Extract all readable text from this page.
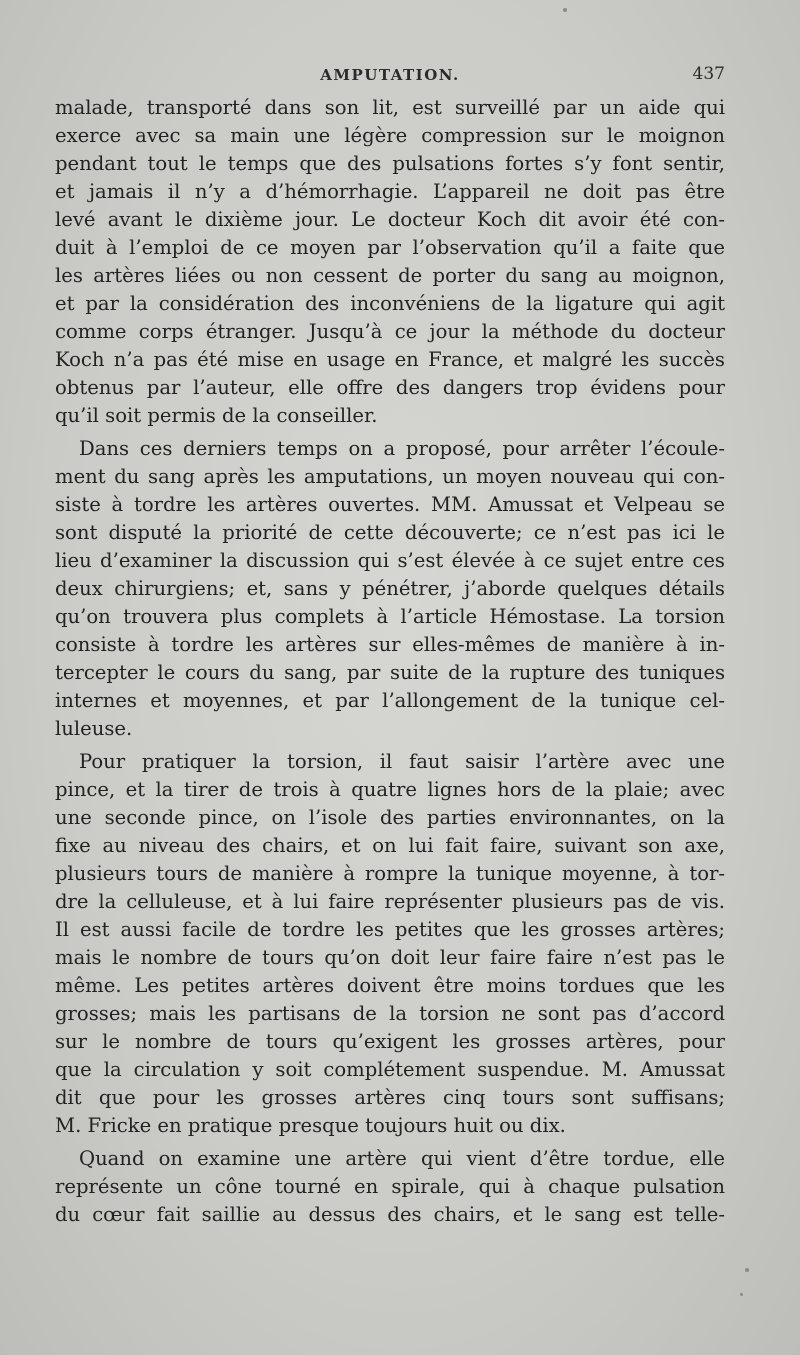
AMPUTATION.	437
malade, transporté dans son lit, est surveillé par un aide qui
exerce avec sa main une légère compression sur le moignon
pendant tout le temps que des pulsations fortes s’y font sentir,
et jamais il n’y a d’hémorrhagie. L’appareil ne doit pas être
levé avant le dixième jour. Le docteur Koch dit avoir été con-
duit à l’emploi de ce moyen par l’observation qu’il a faite que
les artères liées ou non cessent de porter du sang au moignon,
et par la considération des inconvéniens de la ligature qui agit
comme corps étranger. Jusqu’à ce jour la méthode du docteur
Koch n’a pas été mise en usage en France, et malgré les succès
obtenus par l’auteur, elle offre des dangers trop évidens pour
qu’il soit permis de la conseiller.
Dans ces derniers temps on a proposé, pour arrêter l’écoule-
ment du sang après les amputations, un moyen nouveau qui con-
siste à tordre les artères ouvertes. MM. Amussat et Velpeau se
sont disputé la priorité de cette découverte; ce n’est pas ici le
lieu d’examiner la discussion qui s’est élevée à ce sujet entre ces
deux chirurgiens; et, sans y pénétrer, j’aborde quelques détails
qu’on trouvera plus complets à l’article Hémostase. La torsion
consiste à tordre les artères sur elles-mêmes de manière à in-
tercepter le cours du sang, par suite de la rupture des tuniques
internes et moyennes, et par l’allongement de la tunique cel-
luleuse.
Pour pratiquer la torsion, il faut saisir l’artère avec une
pince, et la tirer de trois à quatre lignes hors de la plaie; avec
une seconde pince, on l’isole des parties environnantes, on la
fixe au niveau des chairs, et on lui fait faire, suivant son axe,
plusieurs tours de manière à rompre la tunique moyenne, à tor-
dre la celluleuse, et à lui faire représenter plusieurs pas de vis.
Il est aussi facile de tordre les petites que les grosses artères;
mais le nombre de tours qu’on doit leur faire faire n’est pas le
même. Les petites artères doivent être moins tordues que les
grosses; mais les partisans de la torsion ne sont pas d’accord
sur le nombre de tours qu’exigent les grosses artères, pour
que la circulation y soit complétement suspendue. M. Amussat
dit que pour les grosses artères cinq tours sont suffisans;
M. Fricke en pratique presque toujours huit ou dix.
Quand on examine une artère qui vient d’être tordue, elle
représente un cône tourné en spirale, qui à chaque pulsation
du cœur fait saillie au dessus des chairs, et le sang est telle-
